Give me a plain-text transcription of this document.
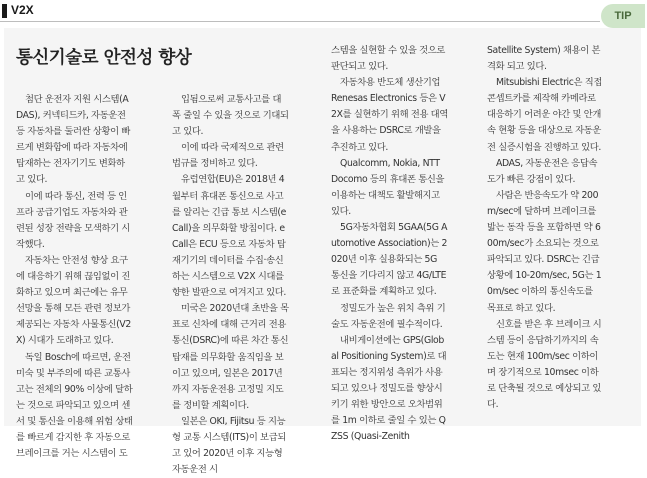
V2X	TIP
통신기술로 안전성 향상

첨단 운전자 지원 시스템(ADAS), 커넥티드카, 자동운전 등 자동차를 둘러싼 상황이 빠르게 변화함에 따라 자동차에 탑재하는 전자기기도 변화하고 있다.

이에 따라 통신, 전력 등 인프라 공급기업도 자동차와 관련된 성장 전략을 모색하기 시작했다.

자동차는 안전성 향상 요구에 대응하기 위해 끊임없이 진화하고 있으며 최근에는 유무선망을 통해 모든 관련 정보가 제공되는 자동차 사물통신(V2X) 시대가 도래하고 있다.

독일 Bosch에 따르면, 운전미숙 및 부주의에 따른 교통사고는 전체의 90% 이상에 달하는 것으로 파악되고 있으며 센서 및 통신을 이용해 위험 상태를 빠르게 감지한 후 자동으로 브레이크를 거는 시스템이 도

입됨으로써 교통사고를 대폭 줄일 수 있을 것으로 기대되고 있다.

이에 따라 국제적으로 관련법규를 정비하고 있다.

유럽연합(EU)은 2018년 4월부터 휴대폰 통신으로 사고를 알리는 긴급 통보 시스템(eCall)을 의무화할 방침이다. eCall은 ECU 등으로 자동차 탑재기기의 데이터를 수집·송신하는 시스템으로 V2X 시대를 향한 발판으로 여겨지고 있다.

미국은 2020년대 초반을 목표로 신차에 대해 근거리 전용통신(DSRC)에 따른 차간 통신 탑재를 의무화할 움직임을 보이고 있으며, 일본은 2017년까지 자동운전용 고정밀 지도를 정비할 계획이다.

일본은 OKI, Fijitsu 등 지능형 교통 시스템(ITS)이 보급되고 있어 2020년 이후 지능형 자동운전 시

스템을 실현할 수 있을 것으로 판단되고 있다.

자동차용 반도체 생산기업 Renesas Electronics 등은 V2X를 실현하기 위해 전용 대역을 사용하는 DSRC로 개발을 추진하고 있다.

Qualcomm, Nokia, NTT Docomo 등의 휴대폰 통신을 이용하는 대책도 활발해지고 있다.

5G자동차협회 5GAA(5G Automotive Association)는 2020년 이후 실용화되는 5G 통신을 기다리지 않고 4G/LTE로 표준화를 계획하고 있다.

정밀도가 높은 위치 측위 기술도 자동운전에 필수적이다.

내비게이션에는 GPS(Global Positioning System)로 대표되는 정지위성 측위가 사용되고 있으나 정밀도를 향상시키기 위한 방안으로 오차범위를 1m 이하로 줄일 수 있는 QZSS (Quasi-Zenith

Satellite System) 채용이 본격화 되고 있다.

Mitsubishi Electric은 직접 콘셉트카를 제작해 카메라로 대응하기 어려운 야간 및 안개 속 현황 등을 대상으로 자동운전 실증시험을 진행하고 있다.

ADAS, 자동운전은 응답속도가 빠른 강점이 있다.

사람은 반응속도가 약 200m/sec에 달하며 브레이크를 밟는 동작 등을 포함하면 약 600m/sec가 소요되는 것으로 파악되고 있다. DSRC는 긴급 상황에 10-20m/sec, 5G는 10m/sec 이하의 통신속도를 목표로 하고 있다.

신호를 받은 후 브레이크 시스템 등이 응답하기까지의 속도는 현재 100m/sec 이하이며 장기적으로 10msec 이하로 단축될 것으로 예상되고 있다.
